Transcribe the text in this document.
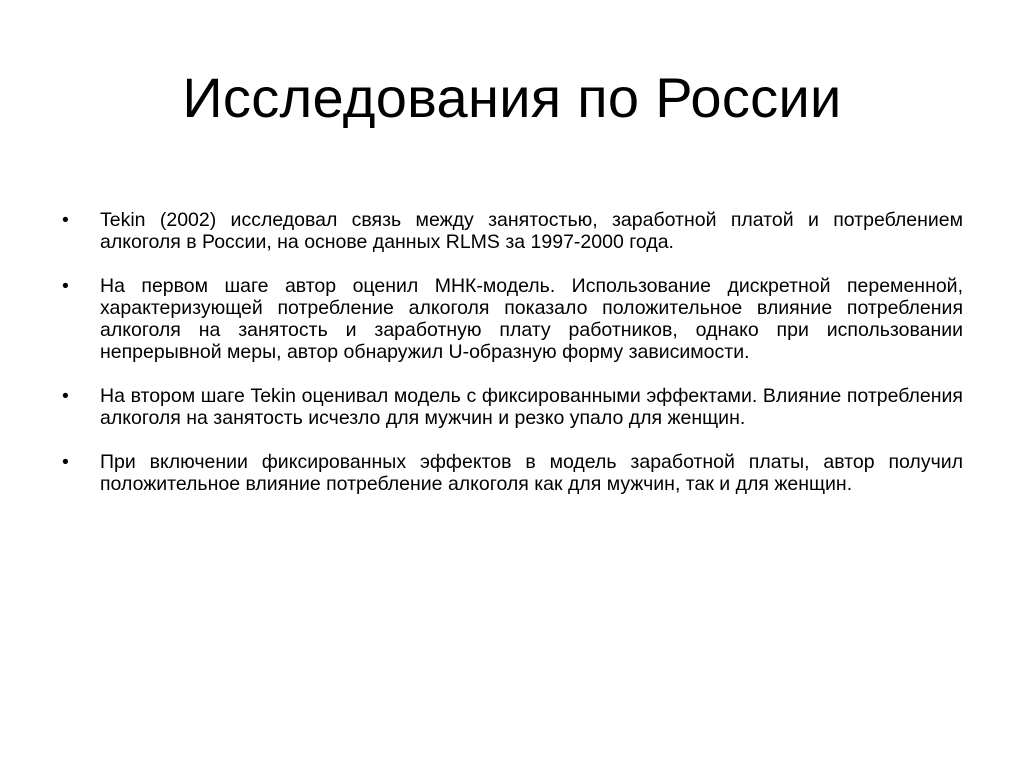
Исследования по России
•	Tekin (2002) исследовал связь между занятостью, заработной платой и потреблением алкоголя в России, на основе данных RLMS за 1997-2000 года.
•	На первом шаге автор оценил МНК-модель. Использование дискретной переменной, характеризующей потребление алкоголя показало положительное влияние потребления алкоголя на занятость и заработную плату работников, однако при использовании непрерывной меры, автор обнаружил U-образную форму зависимости.
•	На втором шаге Tekin оценивал модель с фиксированными эффектами. Влияние потребления алкоголя на занятость исчезло для мужчин и резко упало для женщин.
•	При включении фиксированных эффектов в модель заработной платы, автор получил положительное влияние потребление алкоголя как для мужчин, так и для женщин.
